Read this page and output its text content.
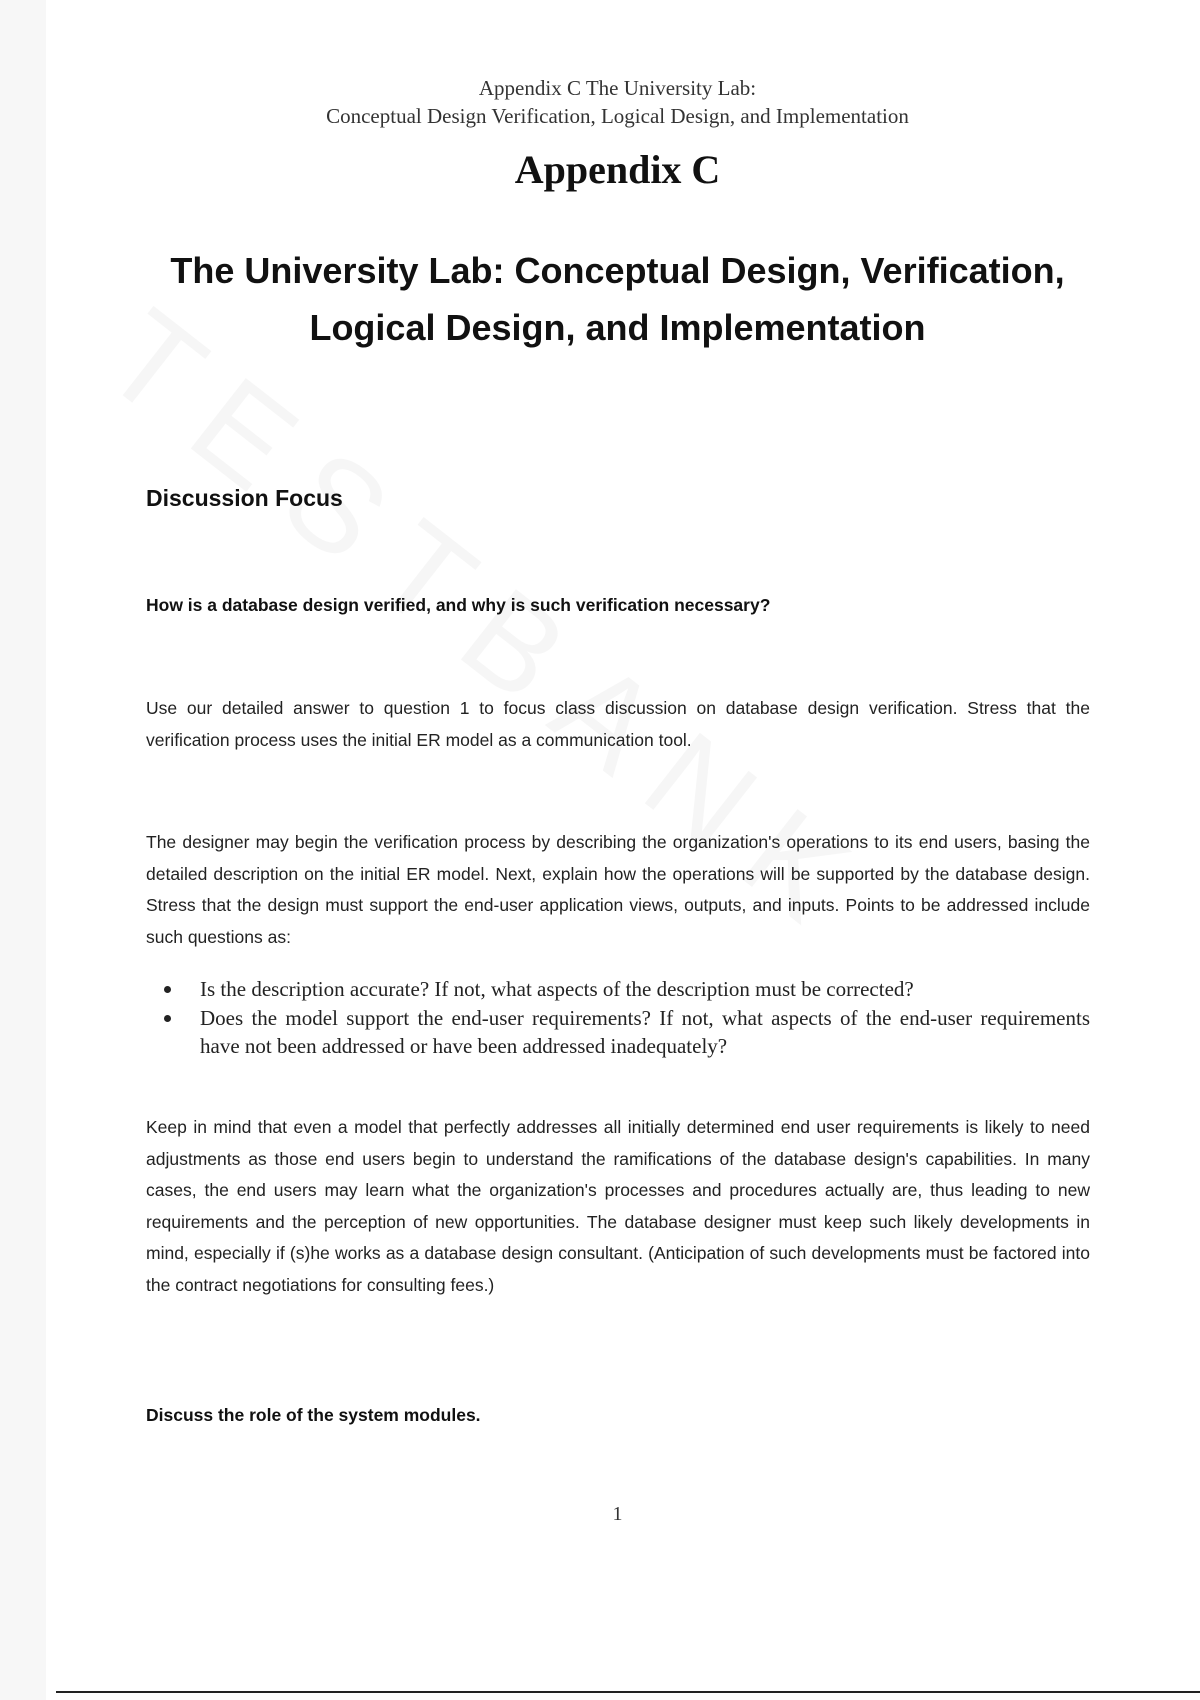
Appendix C The University Lab:
Conceptual Design Verification, Logical Design, and Implementation
Appendix C
The University Lab: Conceptual Design, Verification,
Logical Design, and Implementation
Discussion Focus
How is a database design verified, and why is such verification necessary?

Use our detailed answer to question 1 to focus class discussion on database design verification. Stress that the verification process uses the initial ER model as a communication tool.

The designer may begin the verification process by describing the organization's operations to its end users, basing the detailed description on the initial ER model. Next, explain how the operations will be supported by the database design. Stress that the design must support the end-user application views, outputs, and inputs. Points to be addressed include such questions as:

Is the description accurate? If not, what aspects of the description must be corrected?
Does the model support the end-user requirements? If not, what aspects of the end-user requirements have not been addressed or have been addressed inadequately?

Keep in mind that even a model that perfectly addresses all initially determined end user requirements is likely to need adjustments as those end users begin to understand the ramifications of the database design's capabilities. In many cases, the end users may learn what the organization's processes and procedures actually are, thus leading to new requirements and the perception of new opportunities. The database designer must keep such likely developments in mind, especially if (s)he works as a database design consultant. (Anticipation of such developments must be factored into the contract negotiations for consulting fees.)

Discuss the role of the system modules.
1
